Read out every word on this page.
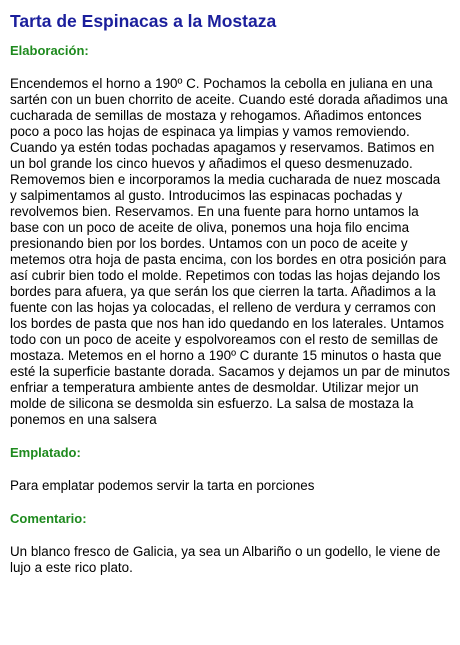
Tarta de Espinacas a la Mostaza
Elaboración:

Encendemos el horno a 190º C. Pochamos la cebolla en juliana en una sartén con un buen chorrito de aceite. Cuando esté dorada añadimos una cucharada de semillas de mostaza y rehogamos. Añadimos entonces poco a poco las hojas de espinaca ya limpias y vamos removiendo. Cuando ya estén todas pochadas apagamos y reservamos. Batimos en un bol grande los cinco huevos y añadimos el queso desmenuzado. Removemos bien e incorporamos la media cucharada de nuez moscada y salpimentamos al gusto. Introducimos las espinacas pochadas y revolvemos bien. Reservamos. En una fuente para horno untamos la base con un poco de aceite de oliva, ponemos una hoja filo encima presionando bien por los bordes. Untamos con un poco de aceite y metemos otra hoja de pasta encima, con los bordes en otra posición para así cubrir bien todo el molde. Repetimos con todas las hojas dejando los bordes para afuera, ya que serán los que cierren la tarta. Añadimos a la fuente con las hojas ya colocadas, el relleno de verdura y cerramos con los bordes de pasta que nos han ido quedando en los laterales. Untamos todo con un poco de aceite y espolvoreamos con el resto de semillas de mostaza. Metemos en el horno a 190º C durante 15 minutos o hasta que esté la superficie bastante dorada. Sacamos y dejamos un par de minutos enfriar a temperatura ambiente antes de desmoldar. Utilizar mejor un molde de silicona se desmolda sin esfuerzo. La salsa de mostaza la ponemos en una salsera

Emplatado:

Para emplatar podemos servir la tarta en porciones

Comentario:

Un blanco fresco de Galicia, ya sea un Albariño o un godello, le viene de lujo a este rico plato.
